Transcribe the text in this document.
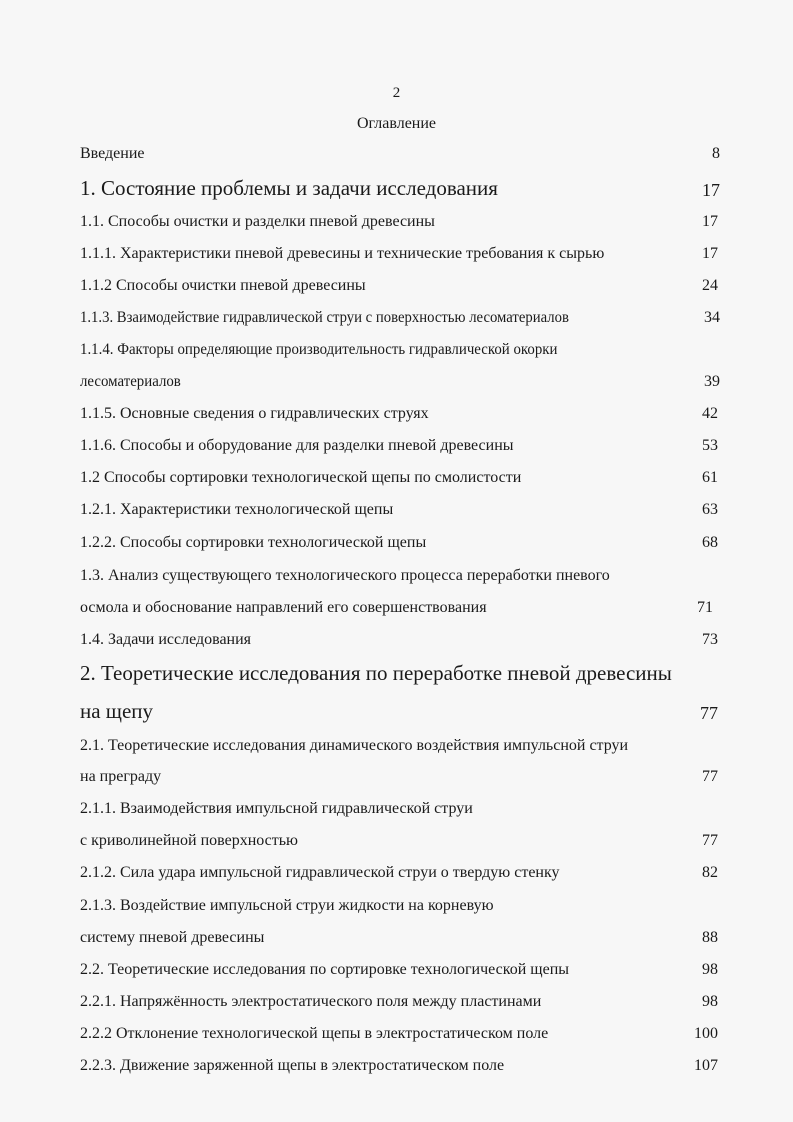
2
Оглавление
Введение	8
1. Состояние проблемы и задачи исследования	17
1.1. Способы очистки и разделки пневой древесины	17
1.1.1. Характеристики пневой древесины и технические требования к сырью	17
1.1.2 Способы очистки пневой древесины	24
1.1.3. Взаимодействие гидравлической струи с поверхностью лесоматериалов	34
1.1.4. Факторы определяющие производительность гидравлической окорки
лесоматериалов	39
1.1.5. Основные сведения о гидравлических струях	42
1.1.6. Способы и оборудование для разделки пневой древесины	53
1.2 Способы сортировки технологической щепы по смолистости	61
1.2.1. Характеристики технологической щепы	63
1.2.2. Способы сортировки технологической щепы	68
1.3. Анализ существующего технологического процесса переработки пневого
осмола и обоснование направлений его совершенствования	71
1.4. Задачи исследования	73
2. Теоретические исследования по переработке пневой древесины
на щепу	77
2.1. Теоретические исследования динамического воздействия импульсной струи
на преграду	77
2.1.1. Взаимодействия импульсной гидравлической струи
с криволинейной поверхностью	77
2.1.2. Сила удара импульсной гидравлической струи о твердую стенку	82
2.1.3. Воздействие импульсной струи жидкости на корневую
систему пневой древесины	88
2.2. Теоретические исследования по сортировке технологической щепы	98
2.2.1. Напряжённость электростатического поля между пластинами	98
2.2.2 Отклонение технологической щепы в электростатическом поле	100
2.2.3. Движение заряженной щепы в электростатическом поле	107
